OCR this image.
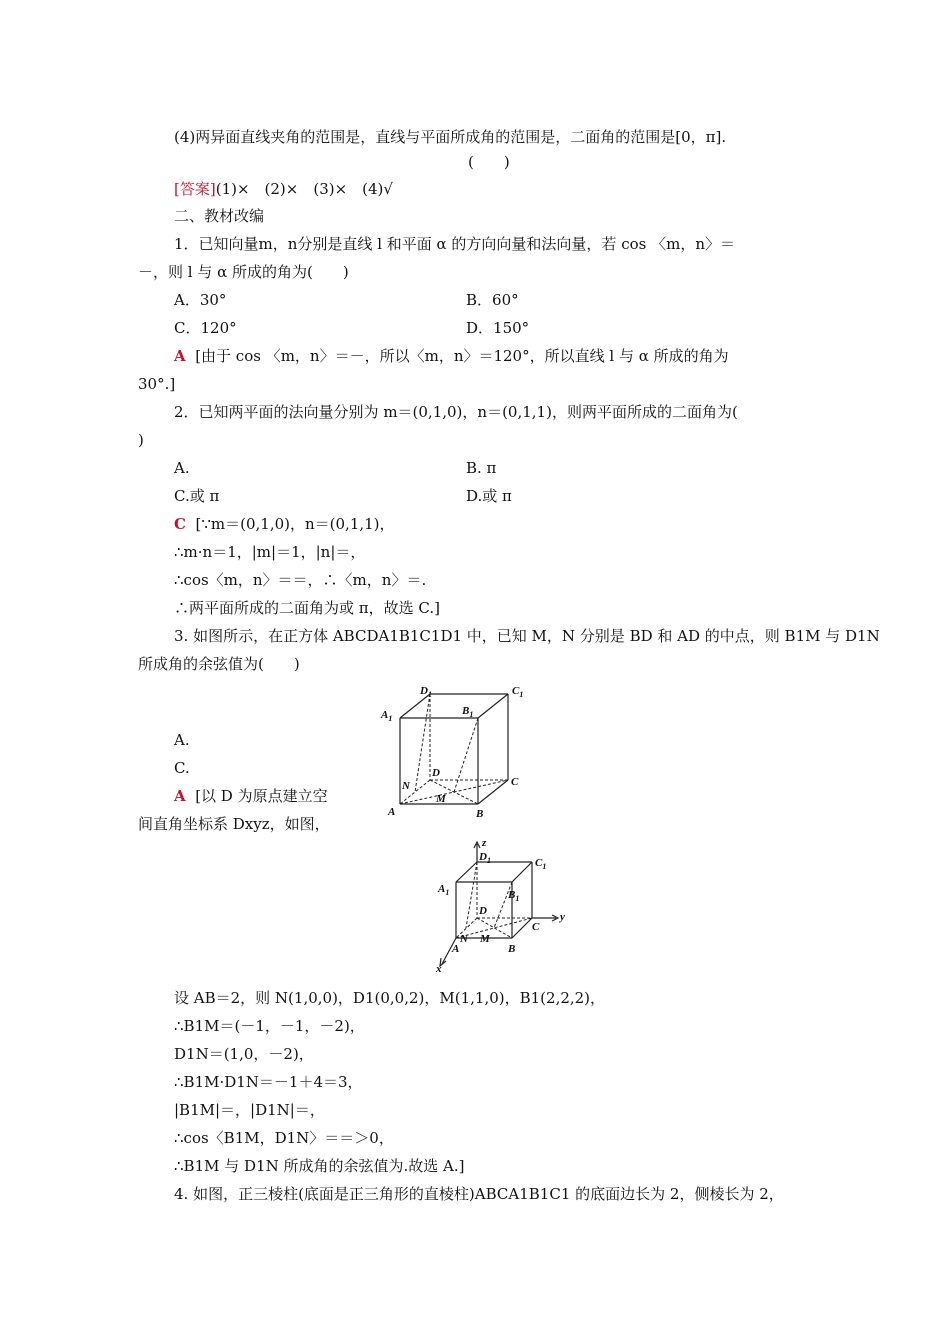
(4)两异面直线夹角的范围是，直线与平面所成角的范围是，二面角的范围是[0，π].
(　　)
[答案](1)×　(2)×　(3)×　(4)√
二、教材改编
1．已知向量m，n分别是直线 l 和平面 α 的方向向量和法向量，若 cos 〈m，n〉＝
－，则 l 与 α 所成的角为(　　)
A．30°	B．60°
C．120°	D．150°
A [由于 cos 〈m，n〉＝－，所以〈m，n〉＝120°，所以直线 l 与 α 所成的角为
30°.]
2．已知两平面的法向量分别为 m＝(0,1,0)，n＝(0,1,1)，则两平面所成的二面角为(
)
A.	B. π
C.或 π	D.或 π
C [∵m＝(0,1,0)，n＝(0,1,1)，
∴m·n＝1，|m|＝1，|n|＝，
∴cos〈m，n〉＝＝，∴〈m，n〉＝.
∴两平面所成的二面角为或 π，故选 C.]
3. 如图所示，在正方体 ABCDA1B1C1D1 中，已知 M，N 分别是 BD 和 AD 的中点，则 B1M 与 D1N
所成角的余弦值为(　　)
$D_1$	$C_1$
$A_1$
$B_1$
D
C
N
M
A	B
A.
C.
A [以 D 为原点建立空
间直角坐标系 Dxyz，如图，
z
y
x
$D_1$	$C_1$
$A_1$	$B_1$
D
C
N M
A	B
设 AB＝2，则 N(1,0,0)，D1(0,0,2)，M(1,1,0)，B1(2,2,2)，
∴B1M＝(－1，－1，－2)，
D1N＝(1,0，－2)，
∴B1M·D1N＝－1＋4＝3，
|B1M|＝，|D1N|＝，
∴cos〈B1M，D1N〉＝＝＞0，
∴B1M 与 D1N 所成角的余弦值为.故选 A.]
4. 如图，正三棱柱(底面是正三角形的直棱柱)ABCA1B1C1 的底面边长为 2，侧棱长为 2，
